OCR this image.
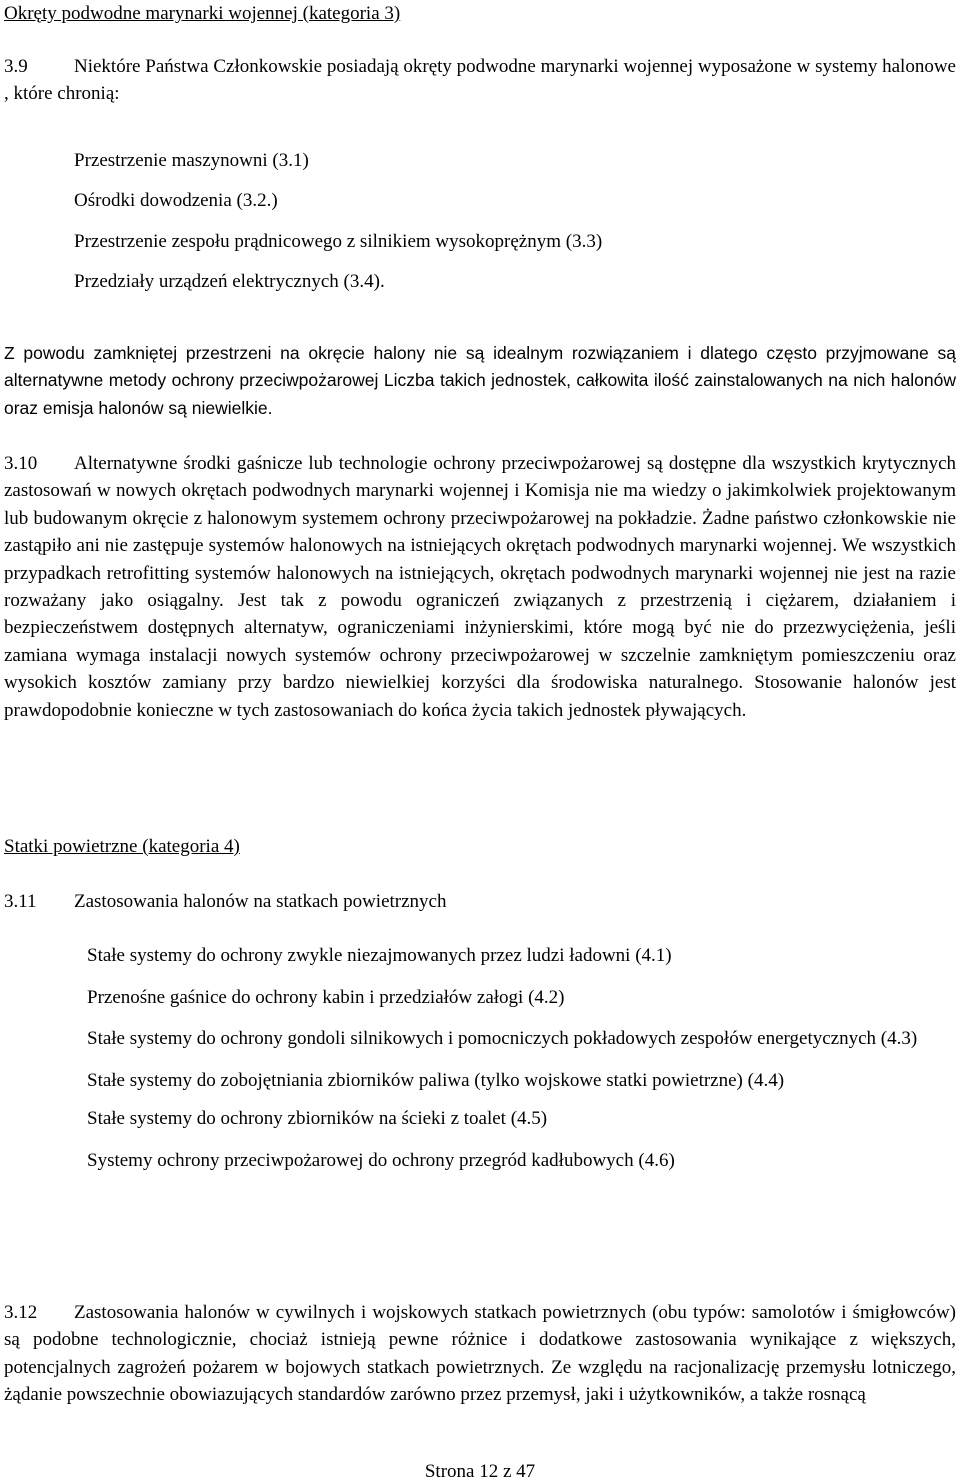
Okręty podwodne marynarki wojennej (kategoria 3)
3.9 Niektóre Państwa Członkowskie posiadają okręty podwodne marynarki wojennej wyposażone w systemy halonowe , które chronią:
Przestrzenie maszynowni (3.1)
Ośrodki dowodzenia (3.2.)
Przestrzenie zespołu prądnicowego z silnikiem wysokoprężnym (3.3)
Przedziały urządzeń elektrycznych (3.4).
Z powodu zamkniętej przestrzeni na okręcie halony nie są idealnym rozwiązaniem i dlatego często przyjmowane są alternatywne metody ochrony przeciwpożarowej Liczba takich jednostek, całkowita ilość zainstalowanych na nich halonów oraz emisja halonów są niewielkie.
3.10 Alternatywne środki gaśnicze lub technologie ochrony przeciwpożarowej są dostępne dla wszystkich krytycznych zastosowań w nowych okrętach podwodnych marynarki wojennej i Komisja nie ma wiedzy o jakimkolwiek projektowanym lub budowanym okręcie z halonowym systemem ochrony przeciwpożarowej na pokładzie. Żadne państwo członkowskie nie zastąpiło ani nie zastępuje systemów halonowych na istniejących okrętach podwodnych marynarki wojennej. We wszystkich przypadkach retrofitting systemów halonowych na istniejących, okrętach podwodnych marynarki wojennej nie jest na razie rozważany jako osiągalny. Jest tak z powodu ograniczeń związanych z przestrzenią i ciężarem, działaniem i bezpieczeństwem dostępnych alternatyw, ograniczeniami inżynierskimi, które mogą być nie do przezwyciężenia, jeśli zamiana wymaga instalacji nowych systemów ochrony przeciwpożarowej w szczelnie zamkniętym pomieszczeniu oraz wysokich kosztów zamiany przy bardzo niewielkiej korzyści dla środowiska naturalnego. Stosowanie halonów jest prawdopodobnie konieczne w tych zastosowaniach do końca życia takich jednostek pływających.
Statki powietrzne (kategoria 4)
3.11 Zastosowania halonów na statkach powietrznych
Stałe systemy do ochrony zwykle niezajmowanych przez ludzi ładowni (4.1)
Przenośne gaśnice do ochrony kabin i przedziałów załogi (4.2)
Stałe systemy do ochrony gondoli silnikowych i pomocniczych pokładowych zespołów energetycznych (4.3)
Stałe systemy do zobojętniania zbiorników paliwa (tylko wojskowe statki powietrzne) (4.4)
Stałe systemy do ochrony zbiorników na ścieki z toalet (4.5)
Systemy ochrony przeciwpożarowej do ochrony przegród kadłubowych (4.6)
3.12 Zastosowania halonów w cywilnych i wojskowych statkach powietrznych (obu typów: samolotów i śmigłowców) są podobne technologicznie, chociaż istnieją pewne różnice i dodatkowe zastosowania wynikające z większych, potencjalnych zagrożeń pożarem w bojowych statkach powietrznych. Ze względu na racjonalizację przemysłu lotniczego, żądanie powszechnie obowiazujących standardów zarówno przez przemysł, jaki i użytkowników, a także rosnącą
Strona 12 z 47
